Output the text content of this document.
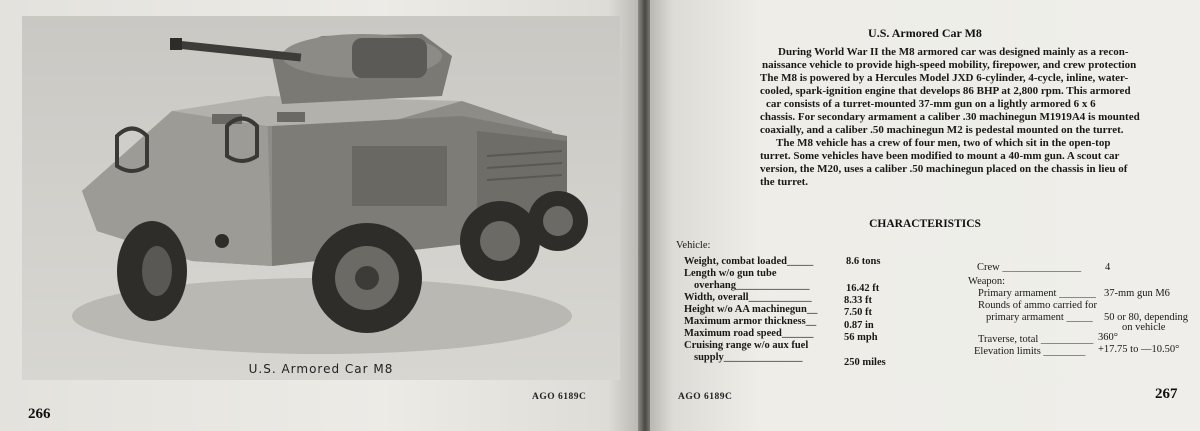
U.S. Armored Car M8
266
AGO 6189C
U.S. Armored Car M8
During World War II the M8 armored car was designed mainly as a recon-
naissance vehicle to provide high-speed mobility, firepower, and crew protection
The M8 is powered by a Hercules Model JXD 6-cylinder, 4-cycle, inline, water-
cooled, spark-ignition engine that develops 86 BHP at 2,800 rpm. This armored
car consists of a turret-mounted 37-mm gun on a lightly armored 6 x 6
chassis. For secondary armament a caliber .30 machinegun M1919A4 is mounted
coaxially, and a caliber .50 machinegun M2 is pedestal mounted on the turret.
The M8 vehicle has a crew of four men, two of which sit in the open-top
turret. Some vehicles have been modified to mount a 40-mm gun. A scout car
version, the M20, uses a caliber .50 machinegun placed on the chassis in lieu of
the turret.
CHARACTERISTICS
Vehicle:
Weight, combat loaded_____	8.6 tons
Length w/o gun tube
overhang______________	16.42 ft
Width, overall____________	8.33 ft
Height w/o AA machinegun__	7.50 ft
Maximum armor thickness__	0.87 in
Maximum road speed______	56 mph
Cruising range w/o aux fuel
supply_______________	250 miles
Crew _______________ 4
Weapon:
Primary armament _______ 37-mm gun M6
Rounds of ammo carried for
primary armament _____ 50 or 80, depending
on vehicle
Traverse, total __________ 360°
Elevation limits ________ +17.75 to —10.50°
AGO 6189C	267
